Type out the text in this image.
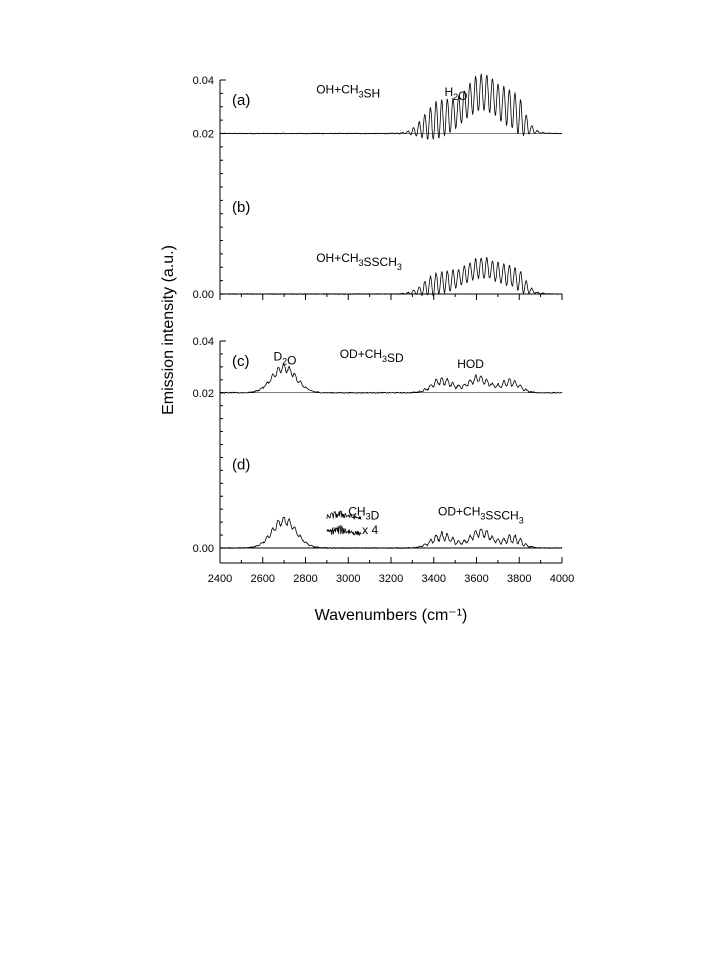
0.02
0.04
(a)
$OH+CH_3SH$	$H_2O$
0.00
(b)
$OH+CH_3SSCH_3$
0.02
0.04
(c) $D_2O$	$OD+CH_3SD$	HOD
0.00
(d)
$OD+CH_3SSCH_3$
$CH_3D$
x 4
2400 2600 2800 3000 3200 3400 3600 3800 4000
Wavenumbers (cm⁻¹)
Emission intensity (a.u.)
